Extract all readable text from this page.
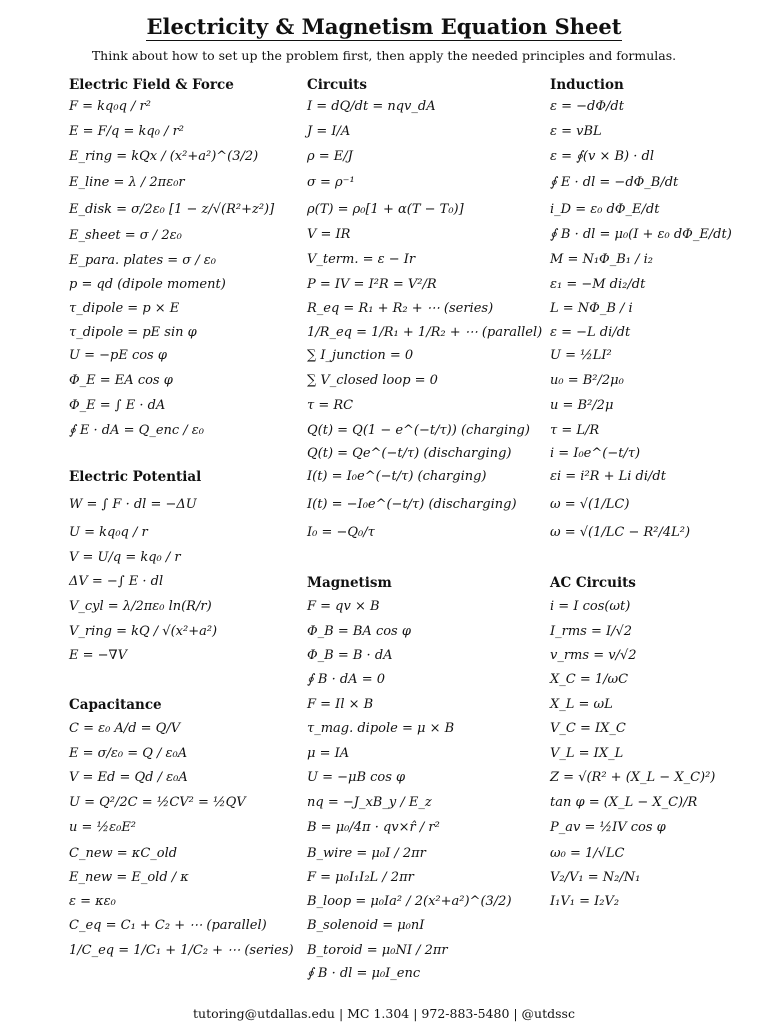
Electricity & Magnetism Equation Sheet
Think about how to set up the problem first, then apply the needed principles and formulas.
Electric Field & Force
F = kq₀q / r²
E = F/q = kq₀ / r²
E_ring = kQx / (x²+a²)^(3/2)
E_line = λ / 2πε₀r
E_disk = σ/2ε₀ [1 − z/√(R²+z²)]
E_sheet = σ / 2ε₀
E_para. plates = σ / ε₀
p = qd (dipole moment)
τ_dipole = p × E
τ_dipole = pE sin φ
U = −pE cos φ
Φ_E = EA cos φ
Φ_E = ∫ E · dA
∮ E · dA = Q_enc / ε₀
Electric Potential
W = ∫ F · dl = −ΔU
U = kq₀q / r
V = U/q = kq₀ / r
ΔV = −∫ E · dl
V_cyl = λ/2πε₀ ln(R/r)
V_ring = kQ / √(x²+a²)
E = −∇V
Capacitance
C = ε₀ A/d = Q/V
E = σ/ε₀ = Q / ε₀A
V = Ed = Qd / ε₀A
U = Q²/2C = ½CV² = ½QV
u = ½ε₀E²
C_new = κC_old
E_new = E_old / κ
ε = κε₀
C_eq = C₁ + C₂ + ⋯ (parallel)
1/C_eq = 1/C₁ + 1/C₂ + ⋯ (series)
Circuits
I = dQ/dt = nqv_dA
J = I/A
ρ = E/J
σ = ρ⁻¹
ρ(T) = ρ₀[1 + α(T − T₀)]
V = IR
V_term. = ε − Ir
P = IV = I²R = V²/R
R_eq = R₁ + R₂ + ⋯ (series)
1/R_eq = 1/R₁ + 1/R₂ + ⋯ (parallel)
∑ I_junction = 0
∑ V_closed loop = 0
τ = RC
Q(t) = Q(1 − e^(−t/τ)) (charging)
Q(t) = Qe^(−t/τ) (discharging)
I(t) = I₀e^(−t/τ) (charging)
I(t) = −I₀e^(−t/τ) (discharging)
I₀ = −Q₀/τ
Magnetism
F = qv × B
Φ_B = BA cos φ
Φ_B = B · dA
∮ B · dA = 0
F = Il × B
τ_mag. dipole = μ × B
μ = IA
U = −μB cos φ
nq = −J_xB_y / E_z
B = μ₀/4π · qv×r̂ / r²
B_wire = μ₀I / 2πr
F = μ₀I₁I₂L / 2πr
B_loop = μ₀Ia² / 2(x²+a²)^(3/2)
B_solenoid = μ₀nI
B_toroid = μ₀NI / 2πr
∮ B · dl = μ₀I_enc
Induction
ε = −dΦ/dt
ε = vBL
ε = ∮(v × B) · dl
∮ E · dl = −dΦ_B/dt
i_D = ε₀ dΦ_E/dt
∮ B · dl = μ₀(I + ε₀ dΦ_E/dt)
M = N₁Φ_B₁ / i₂
ε₁ = −M di₂/dt
L = NΦ_B / i
ε = −L di/dt
U = ½LI²
u₀ = B²/2μ₀
u = B²/2μ
τ = L/R
i = I₀e^(−t/τ)
εi = i²R + Li di/dt
ω = √(1/LC)
ω = √(1/LC − R²/4L²)
AC Circuits
i = I cos(ωt)
I_rms = I/√2
v_rms = v/√2
X_C = 1/ωC
X_L = ωL
V_C = IX_C
V_L = IX_L
Z = √(R² + (X_L − X_C)²)
tan φ = (X_L − X_C)/R
P_av = ½IV cos φ
ω₀ = 1/√LC
V₂/V₁ = N₂/N₁
I₁V₁ = I₂V₂
tutoring@utdallas.edu | MC 1.304 | 972-883-5480 | @utdssc
